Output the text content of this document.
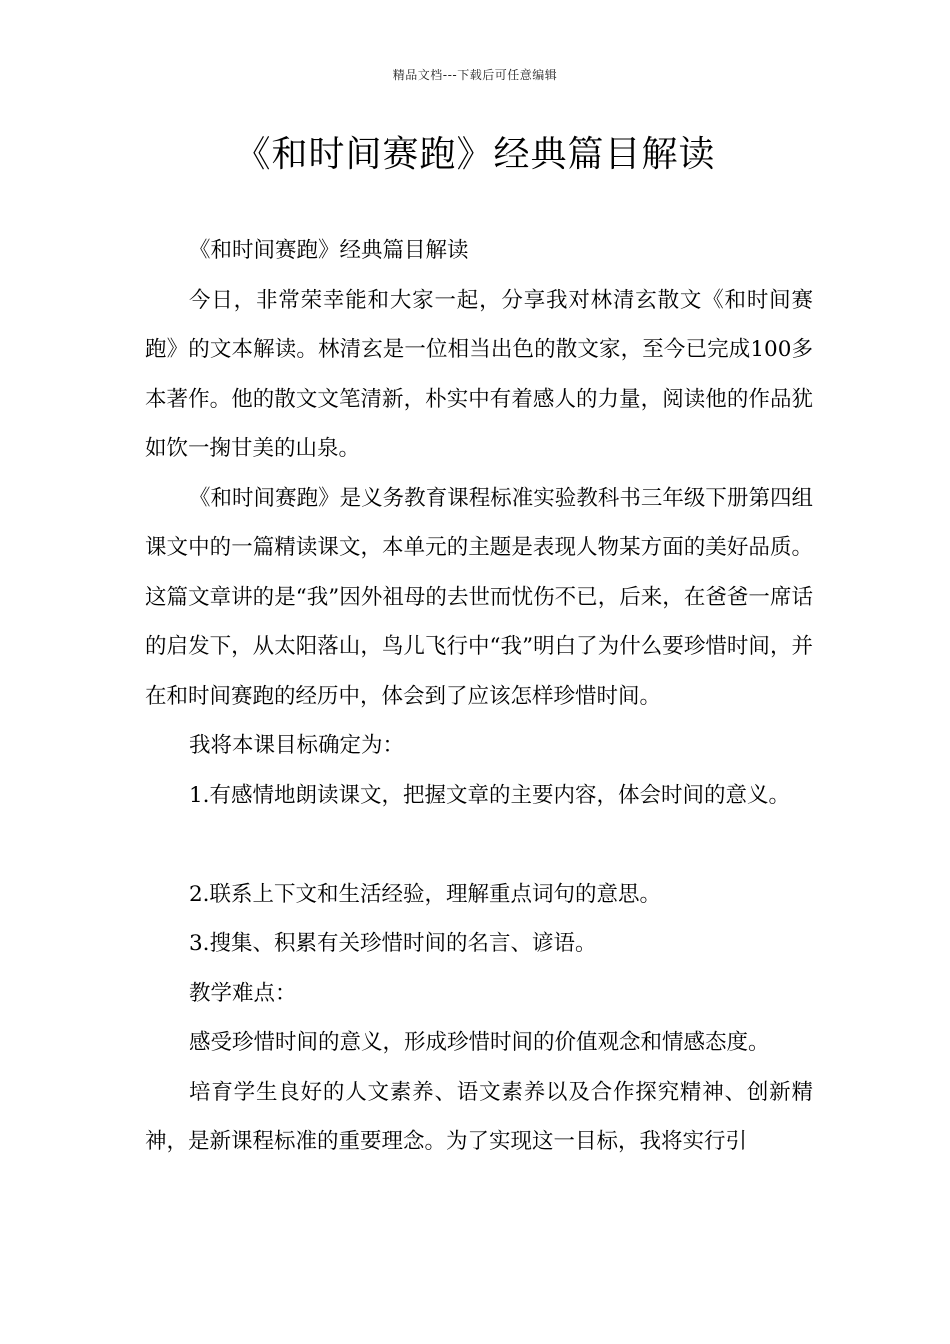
精品文档---下载后可任意编辑
《和时间赛跑》经典篇目解读

《和时间赛跑》经典篇目解读

今日，非常荣幸能和大家一起，分享我对林清玄散文《和时间赛跑》的文本解读。林清玄是一位相当出色的散文家，至今已完成100多本著作。他的散文文笔清新，朴实中有着感人的力量，阅读他的作品犹如饮一掬甘美的山泉。

《和时间赛跑》是义务教育课程标准实验教科书三年级下册第四组课文中的一篇精读课文，本单元的主题是表现人物某方面的美好品质。这篇文章讲的是“我”因外祖母的去世而忧伤不已，后来，在爸爸一席话的启发下，从太阳落山，鸟儿飞行中“我”明白了为什么要珍惜时间，并在和时间赛跑的经历中，体会到了应该怎样珍惜时间。

我将本课目标确定为：

1.有感情地朗读课文，把握文章的主要内容，体会时间的意义。

2.联系上下文和生活经验，理解重点词句的意思。

3.搜集、积累有关珍惜时间的名言、谚语。

教学难点：

感受珍惜时间的意义，形成珍惜时间的价值观念和情感态度。

培育学生良好的人文素养、语文素养以及合作探究精神、创新精神，是新课程标准的重要理念。为了实现这一目标，我将实行引
